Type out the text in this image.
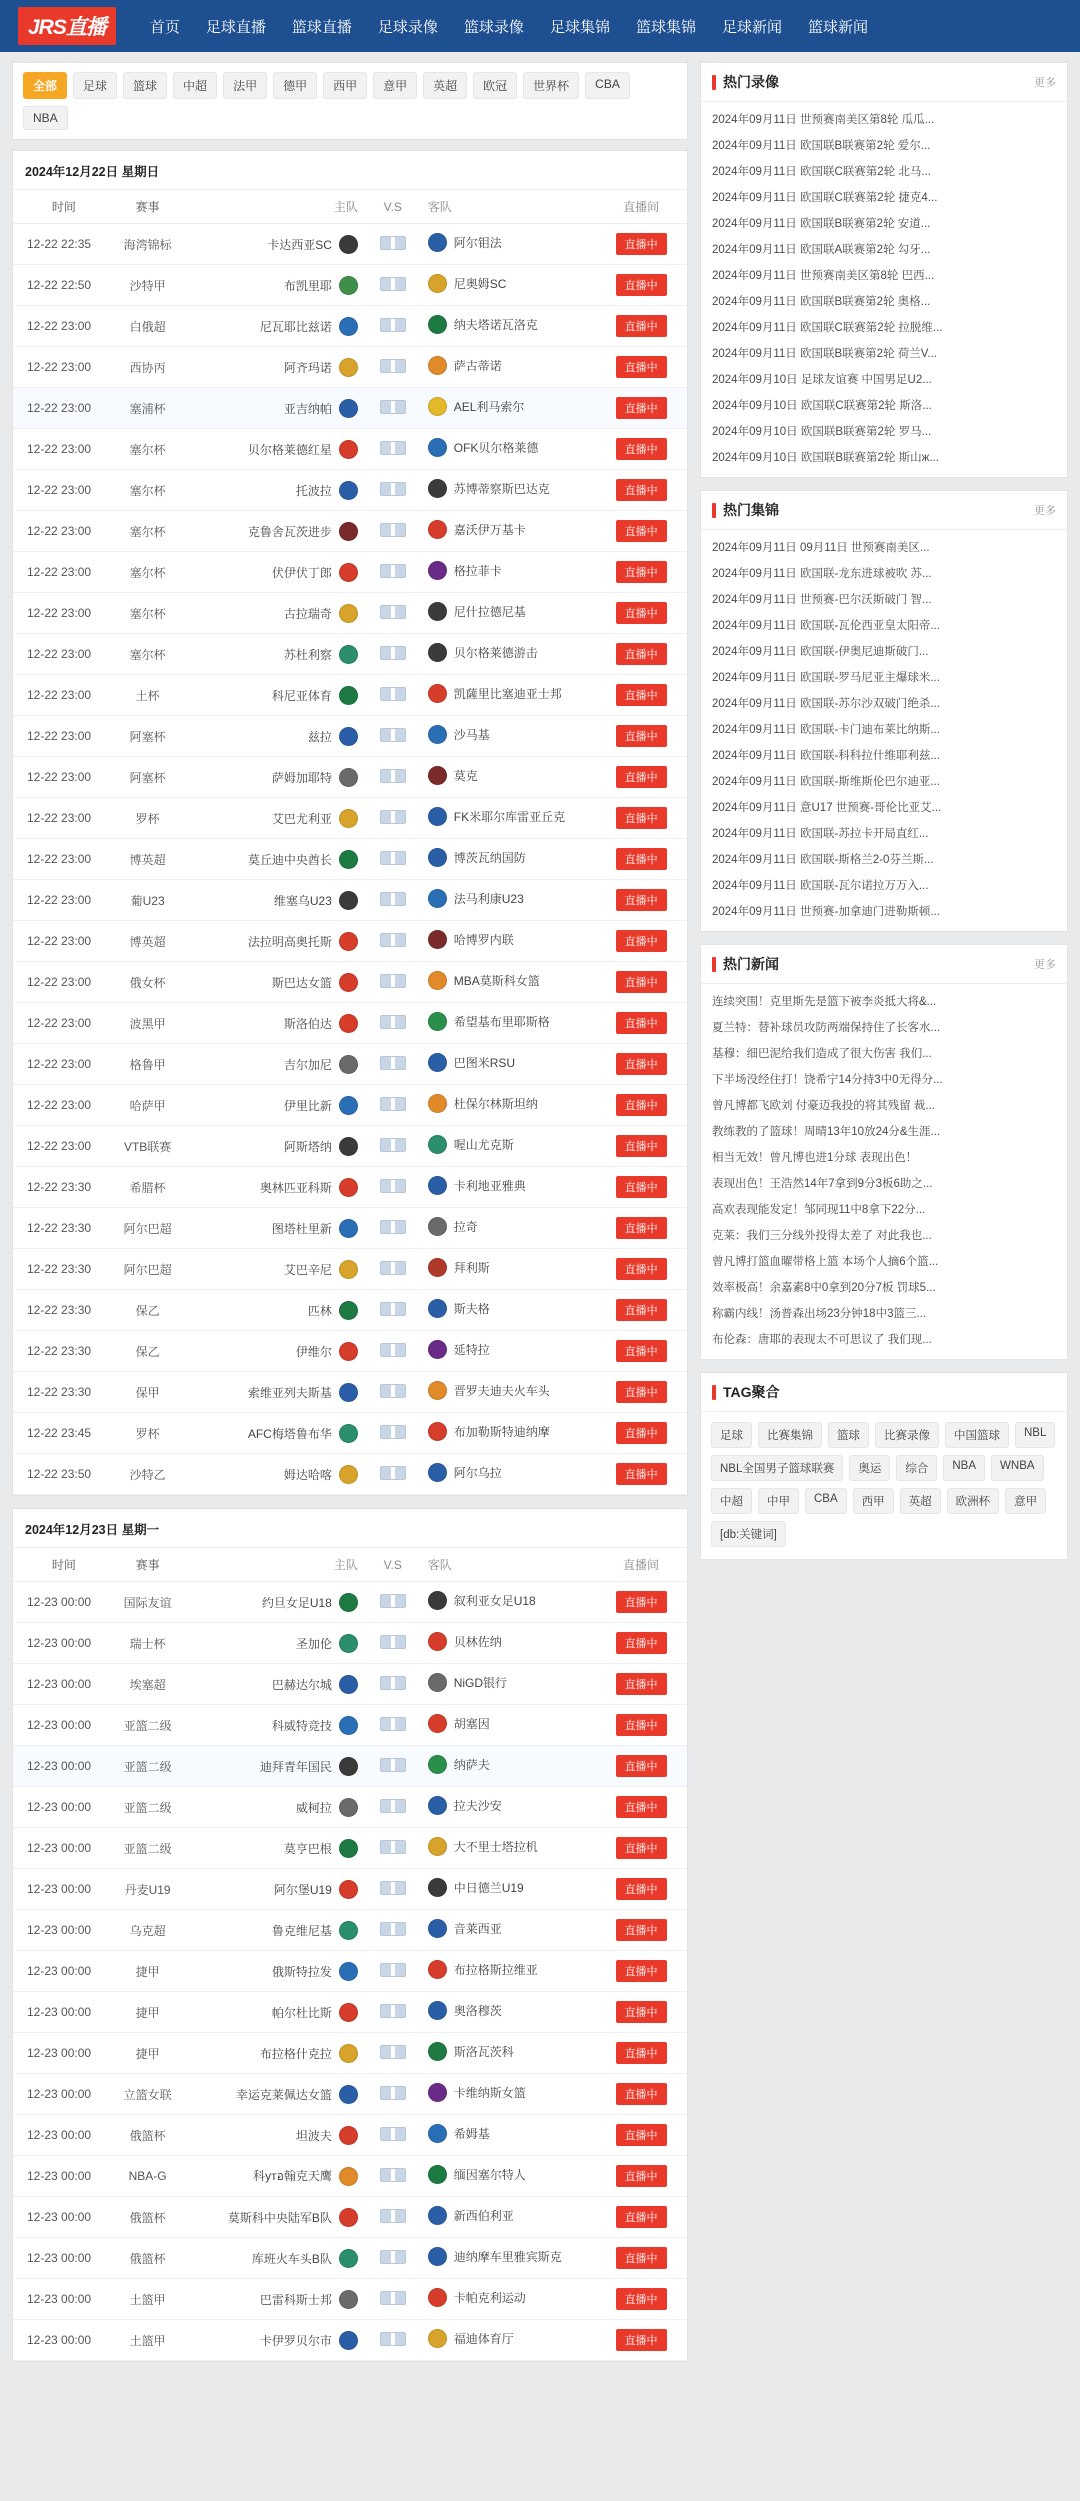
JRS直播	首页 足球直播 篮球直播 足球录像 篮球录像 足球集锦 篮球集锦 足球新闻 篮球新闻
全部	足球	篮球	中超	法甲	德甲	西甲	意甲	英超	欧冠	世界杯	CBA
NBA
2024年12月22日 星期日
时间	赛事	主队	V.S	客队	直播间
12-22 22:35	海湾锦标	卡达西亚SC		阿尔钼法	直播中
12-22 22:50	沙特甲	布凯里耶		尼奥姆SC	直播中
12-22 23:00	白俄超	尼瓦耶比兹诺		纳夫塔诺瓦洛克	直播中
12-22 23:00	西协丙	阿齐玛诺		萨古蒂诺	直播中
12-22 23:00	塞浦杯	亚吉纳帕		AEL利马索尔	直播中
12-22 23:00	塞尔杯	贝尔格莱德红星		OFK贝尔格莱德	直播中
12-22 23:00	塞尔杯	托波拉		苏博蒂察斯巴达克	直播中
12-22 23:00	塞尔杯	克鲁舍瓦茨进步		嘉沃伊万基卡	直播中
12-22 23:00	塞尔杯	伏伊伏丁郎		格拉菲卡	直播中
12-22 23:00	塞尔杯	古拉瑞奇		尼什拉德尼基	直播中
12-22 23:00	塞尔杯	苏杜利察		贝尔格莱德游击	直播中
12-22 23:00	土杯	科尼亚体育		凯薩里比塞迪亚士邦	直播中
12-22 23:00	阿塞杯	兹拉		沙马基	直播中
12-22 23:00	阿塞杯	萨姆加耶特		莫克	直播中
12-22 23:00	罗杯	艾巴尤利亚		FK米耶尔库雷亚丘克	直播中
12-22 23:00	博英超	莫丘迪中央酋长		博茨瓦纳国防	直播中
12-22 23:00	葡U23	维塞乌U23		法马利康U23	直播中
12-22 23:00	博英超	法拉明高奥托斯		哈博罗内联	直播中
12-22 23:00	俄女杯	斯巴达女篮		MBA莫斯科女篮	直播中
12-22 23:00	波黑甲	斯洛伯达		希望基布里耶斯格	直播中
12-22 23:00	格鲁甲	吉尔加尼		巴图米RSU	直播中
12-22 23:00	哈萨甲	伊里比新		杜保尔林斯坦纳	直播中
12-22 23:00	VTB联赛	阿斯塔纳		喔山尤克斯	直播中
12-22 23:30	希腊杯	奥林匹亚科斯		卡利地亚雅典	直播中
12-22 23:30	阿尔巴超	图塔杜里新		拉奇	直播中
12-22 23:30	阿尔巴超	艾巴辛尼		拜利斯	直播中
12-22 23:30	保乙	匹林		斯夫格	直播中
12-22 23:30	保乙	伊维尔		延特拉	直播中
12-22 23:30	保甲	索维亚列夫斯基		晋罗夫迪夫火车头	直播中
12-22 23:45	罗杯	AFC梅塔鲁布华		布加勒斯特迪纳摩	直播中
12-22 23:50	沙特乙	姆达哈喀		阿尔乌拉	直播中
2024年12月23日 星期一
时间	赛事	主队	V.S	客队	直播间
12-23 00:00	国际友谊	约旦女足U18		叙利亚女足U18	直播中
12-23 00:00	瑞士杯	圣加伦		贝林佐纳	直播中
12-23 00:00	埃塞超	巴赫达尔城		NiGD银行	直播中
12-23 00:00	亚篮二级	科威特竞技		胡塞因	直播中
12-23 00:00	亚篮二级	迪拜青年国民		纳萨夫	直播中
12-23 00:00	亚篮二级	威柯拉		拉夫沙安	直播中
12-23 00:00	亚篮二级	莫亨巴根		大不里士塔拉机	直播中
12-23 00:00	丹麦U19	阿尔堡U19		中日德兰U19	直播中
12-23 00:00	乌克超	鲁克维尼基		音莱西亚	直播中
12-23 00:00	捷甲	俄斯特拉发		布拉格斯拉维亚	直播中
12-23 00:00	捷甲	帕尔杜比斯		奥洛穆茨	直播中
12-23 00:00	捷甲	布拉格什克拉		斯洛瓦茨科	直播中
12-23 00:00	立篮女联	幸运克莱佩达女篮		卡维纳斯女篮	直播中
12-23 00:00	俄篮杯	坦波夫		希姆基	直播中
12-23 00:00	NBA-G	科утอ翰克天鹰		缅因塞尔特人	直播中
12-23 00:00	俄篮杯	莫斯科中央陆军B队		新西伯利亚	直播中
12-23 00:00	俄篮杯	库班火车头B队		迪纳摩车里雅宾斯克	直播中
12-23 00:00	土篮甲	巴雷科斯士邦		卡帕克利运动	直播中
12-23 00:00	土篮甲	卡伊罗贝尔市		福迪体育厅	直播中
热门录像	更多
2024年09月11日 世预赛南美区第8轮 瓜瓜...
2024年09月11日 欧国联B联赛第2轮 爱尔...
2024年09月11日 欧国联C联赛第2轮 北马...
2024年09月11日 欧国联C联赛第2轮 捷克4...
2024年09月11日 欧国联B联赛第2轮 安道...
2024年09月11日 欧国联A联赛第2轮 勾牙...
2024年09月11日 世预赛南美区第8轮 巴西...
2024年09月11日 欧国联B联赛第2轮 奥格...
2024年09月11日 欧国联C联赛第2轮 拉脱维...
2024年09月11日 欧国联B联赛第2轮 荷兰V...
2024年09月10日 足球友谊赛 中国男足U2...
2024年09月10日 欧国联C联赛第2轮 斯洛...
2024年09月10日 欧国联B联赛第2轮 罗马...
2024年09月10日 欧国联B联赛第2轮 斯山ж...
热门集锦	更多
2024年09月11日 09月11日 世预赛南美区...
2024年09月11日 欧国联-龙东进球被吹 苏...
2024年09月11日 世预赛-巴尔沃斯破门 智...
2024年09月11日 欧国联-瓦伦西亚皇太阳帝...
2024年09月11日 欧国联-伊奥尼迪斯破门...
2024年09月11日 欧国联-罗马尼亚主爆球米...
2024年09月11日 欧国联-苏尔沙双破门绝杀...
2024年09月11日 欧国联-卡门迪布莱比纳斯...
2024年09月11日 欧国联-科科拉什维耶利兹...
2024年09月11日 欧国联-斯维斯伦巴尔迪亚...
2024年09月11日 意U17 世预赛-哥伦比亚艾...
2024年09月11日 欧国联-苏拉卡开局直红...
2024年09月11日 欧国联-斯格兰2-0芬兰斯...
2024年09月11日 欧国联-瓦尔诺拉万万入...
2024年09月11日 世预赛-加拿迪门进勒斯顿...
热门新闻	更多
连续突围！克里斯先是篮下被李炎抵大将&...
夏兰特：替补球员攻防两端保持住了长客水...
基穆：细巴泥给我们造成了很大伤害 我们...
下半场没经住打！饶希宁14分持3中0无得分...
曾凡博都飞欧刘 付豪迈我投的将其残留 裁...
教练教的了篮球！周晴13年10放24分&生涯...
相当无效！曾凡博也进1分球 表现出色！
表现出色！王浩然14年7拿到9分3板6助之...
高欢表现能发定！邹同现11中8拿下22分...
克莱：我们三分线外投得太差了 对此我也...
曾凡博打篮血曜带格上篮 本场个人摘6个篮...
效率极高！余嘉素8中0拿到20分7板 罚球5...
称霸内线！汤普森出场23分钟18中3篮三...
布伦森：唐耶的表现太不可思议了 我们现...
TAG聚合
足球	比赛集锦	篮球	比赛录像	中国篮球	NBL
NBL全国男子篮球联赛	奥运	综合	NBA	WNBA
中超	中甲	CBA	西甲	英超	欧洲杯	意甲
[db:关键词]
